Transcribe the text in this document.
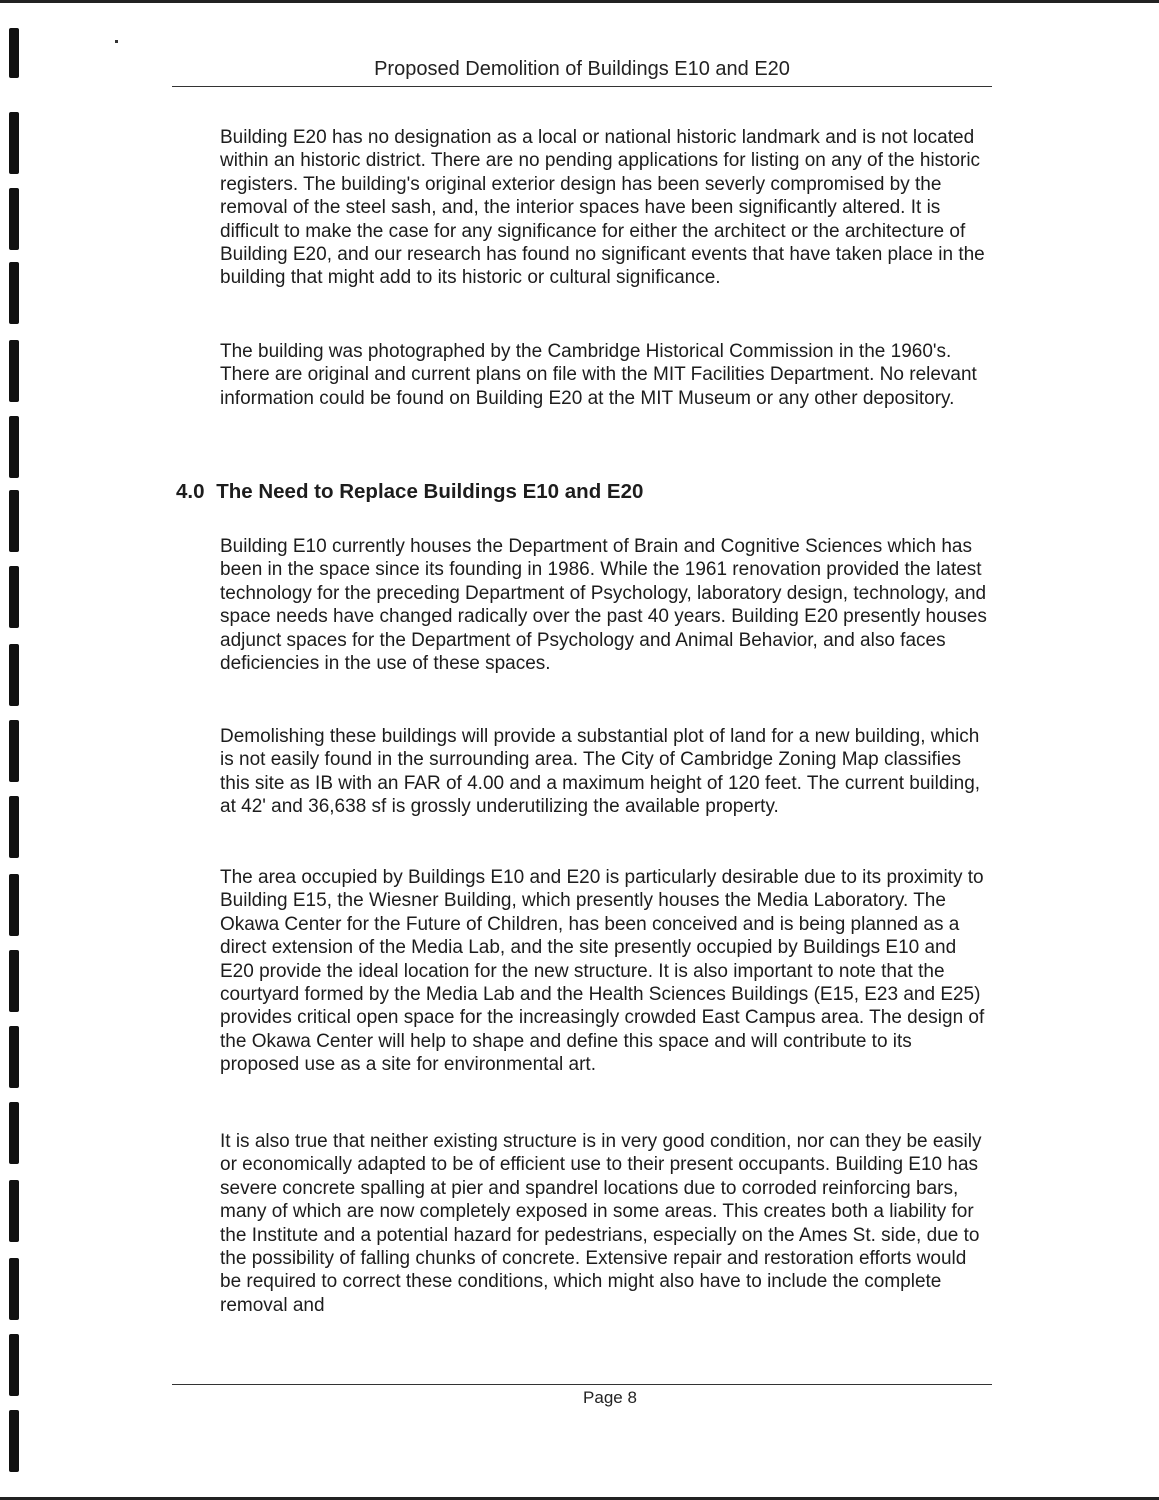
Proposed Demolition of Buildings E10 and E20

Building E20 has no designation as a local or national historic landmark and is not located within an historic district. There are no pending applications for listing on any of the historic registers. The building's original exterior design has been severly compromised by the removal of the steel sash, and, the interior spaces have been significantly altered. It is difficult to make the case for any significance for either the architect or the architecture of Building E20, and our research has found no significant events that have taken place in the building that might add to its historic or cultural significance.

The building was photographed by the Cambridge Historical Commission in the 1960's. There are original and current plans on file with the MIT Facilities Department. No relevant information could be found on Building E20 at the MIT Museum or any other depository.

4.0 The Need to Replace Buildings E10 and E20

Building E10 currently houses the Department of Brain and Cognitive Sciences which has been in the space since its founding in 1986. While the 1961 renovation provided the latest technology for the preceding Department of Psychology, laboratory design, technology, and space needs have changed radically over the past 40 years. Building E20 presently houses adjunct spaces for the Department of Psychology and Animal Behavior, and also faces deficiencies in the use of these spaces.

Demolishing these buildings will provide a substantial plot of land for a new building, which is not easily found in the surrounding area. The City of Cambridge Zoning Map classifies this site as IB with an FAR of 4.00 and a maximum height of 120 feet. The current building, at 42' and 36,638 sf is grossly underutilizing the available property.

The area occupied by Buildings E10 and E20 is particularly desirable due to its proximity to Building E15, the Wiesner Building, which presently houses the Media Laboratory. The Okawa Center for the Future of Children, has been conceived and is being planned as a direct extension of the Media Lab, and the site presently occupied by Buildings E10 and E20 provide the ideal location for the new structure. It is also important to note that the courtyard formed by the Media Lab and the Health Sciences Buildings (E15, E23 and E25) provides critical open space for the increasingly crowded East Campus area. The design of the Okawa Center will help to shape and define this space and will contribute to its proposed use as a site for environmental art.

It is also true that neither existing structure is in very good condition, nor can they be easily or economically adapted to be of efficient use to their present occupants. Building E10 has severe concrete spalling at pier and spandrel locations due to corroded reinforcing bars, many of which are now completely exposed in some areas. This creates both a liability for the Institute and a potential hazard for pedestrians, especially on the Ames St. side, due to the possibility of falling chunks of concrete. Extensive repair and restoration efforts would be required to correct these conditions, which might also have to include the complete removal and

Page 8
